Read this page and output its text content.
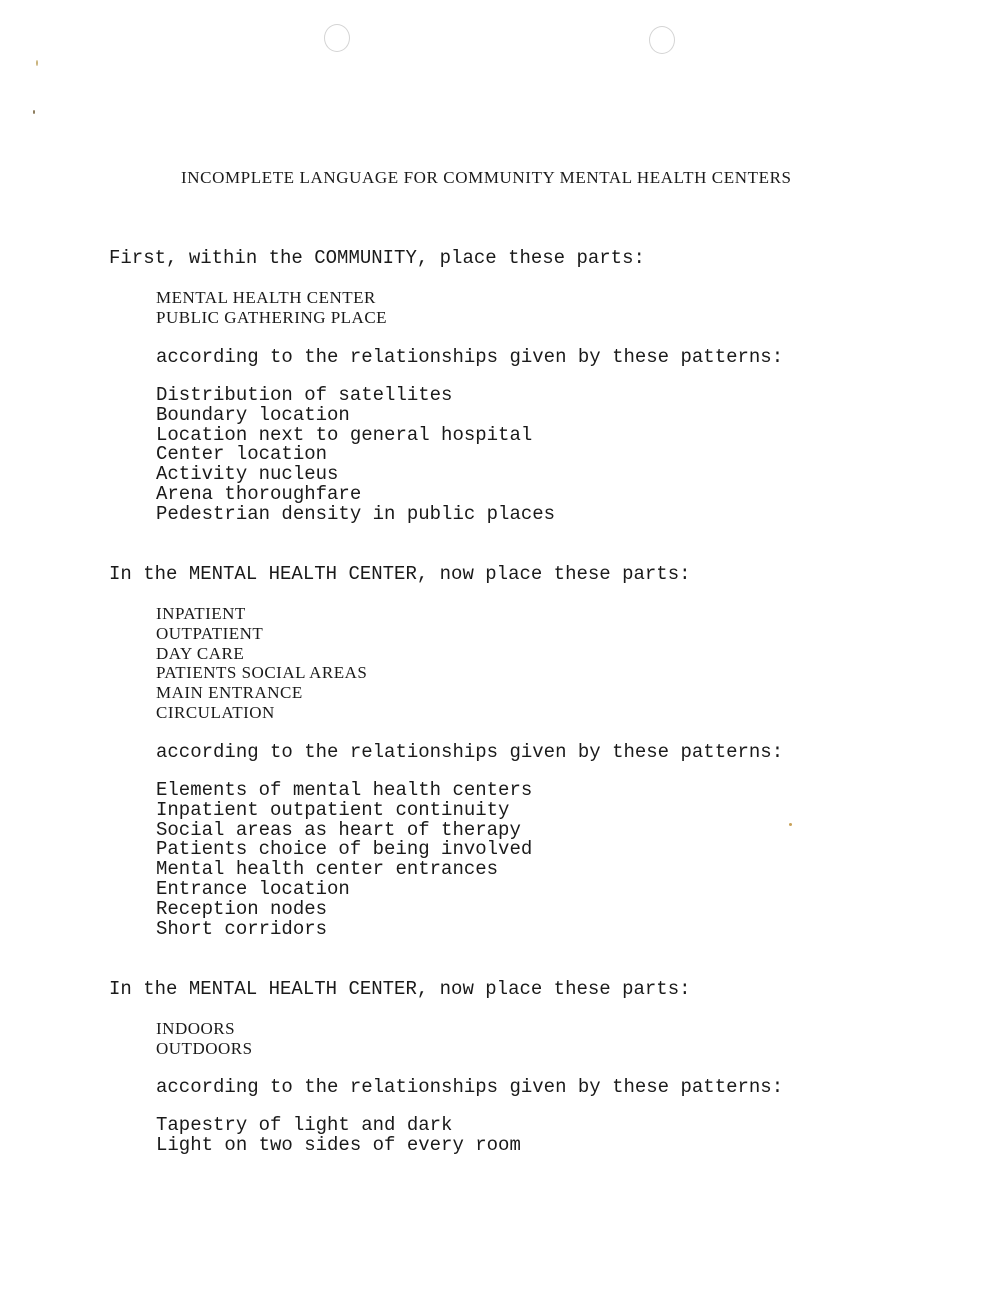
INCOMPLETE LANGUAGE FOR COMMUNITY MENTAL HEALTH CENTERS

First, within the COMMUNITY, place these parts:

MENTAL HEALTH CENTER
PUBLIC GATHERING PLACE

according to the relationships given by these patterns:

Distribution of satellites
Boundary location
Location next to general hospital
Center location
Activity nucleus
Arena thoroughfare
Pedestrian density in public places

In the MENTAL HEALTH CENTER, now place these parts:

INPATIENT
OUTPATIENT
DAY CARE
PATIENTS SOCIAL AREAS
MAIN ENTRANCE
CIRCULATION

according to the relationships given by these patterns:

Elements of mental health centers
Inpatient outpatient continuity
Social areas as heart of therapy
Patients choice of being involved
Mental health center entrances
Entrance location
Reception nodes
Short corridors

In the MENTAL HEALTH CENTER, now place these parts:

INDOORS
OUTDOORS

according to the relationships given by these patterns:

Tapestry of light and dark
Light on two sides of every room
